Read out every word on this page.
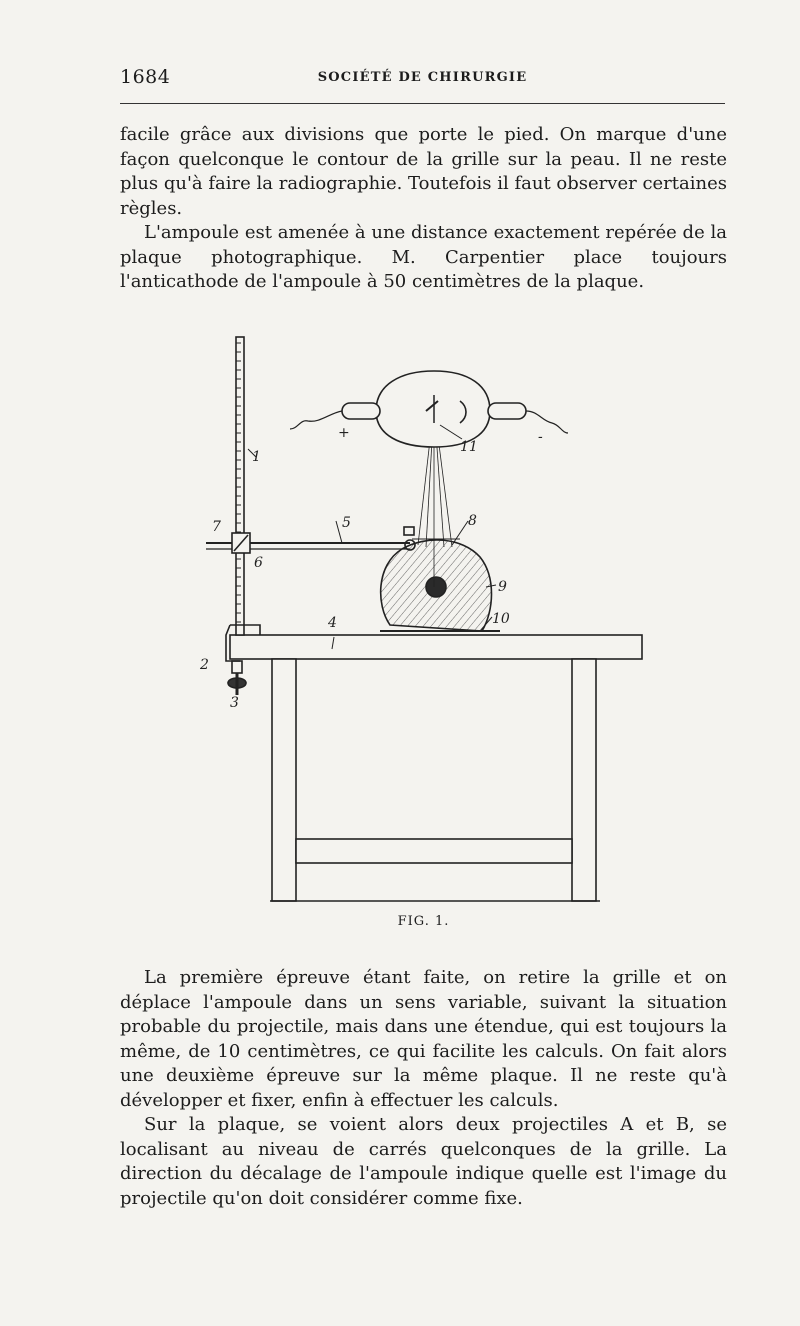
1684	SOCIÉTÉ DE CHIRURGIE

facile grâce aux divisions que porte le pied. On marque d'une façon quelconque le contour de la grille sur la peau. Il ne reste plus qu'à faire la radiographie. Toutefois il faut observer certaines règles.

L'ampoule est amenée à une distance exactement repérée de la plaque photographique. M. Carpentier place toujours l'anticathode de l'ampoule à 50 centimètres de la plaque.

1
2
3
4
5
6
7	8
9
10
11
+	-
FIG. 1.

La première épreuve étant faite, on retire la grille et on déplace l'ampoule dans un sens variable, suivant la situation probable du projectile, mais dans une étendue, qui est toujours la même, de 10 centimètres, ce qui facilite les calculs. On fait alors une deuxième épreuve sur la même plaque. Il ne reste qu'à développer et fixer, enfin à effectuer les calculs.

Sur la plaque, se voient alors deux projectiles A et B, se localisant au niveau de carrés quelconques de la grille. La direction du décalage de l'ampoule indique quelle est l'image du projectile qu'on doit considérer comme fixe.
